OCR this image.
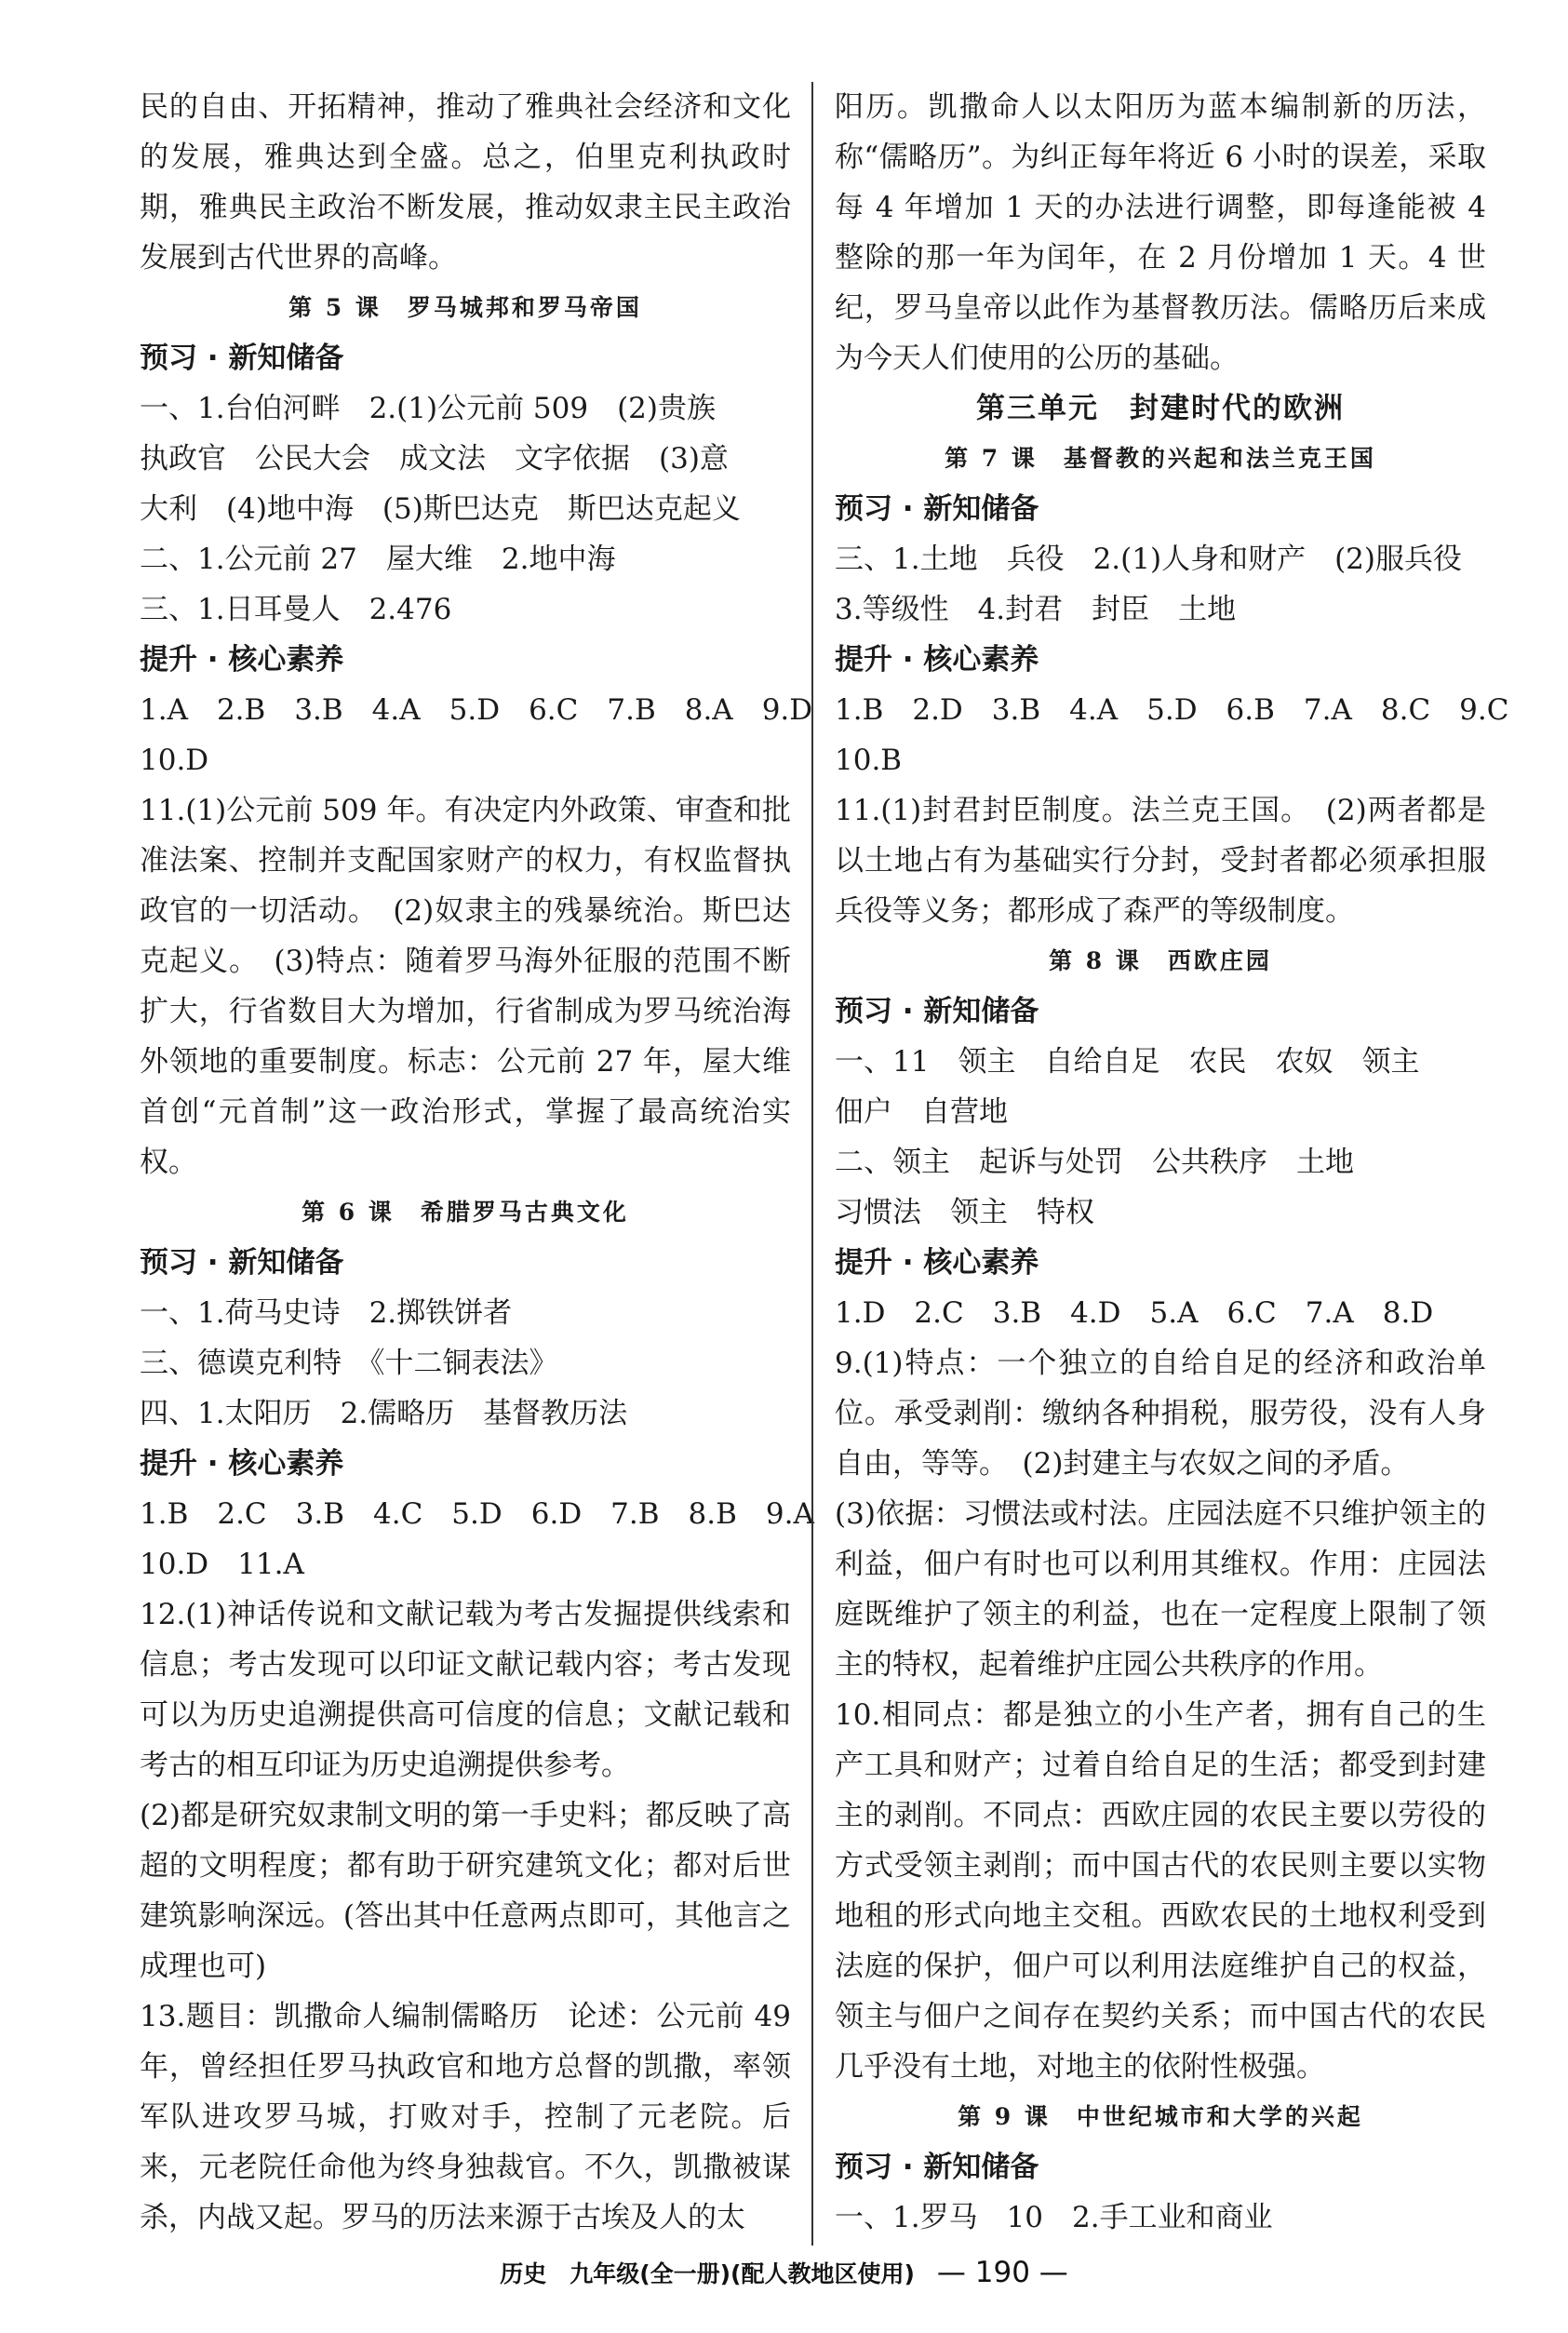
民的自由、开拓精神，推动了雅典社会经济和文化的发展，雅典达到全盛。总之，伯里克利执政时期，雅典民主政治不断发展，推动奴隶主民主政治发展到古代世界的高峰。

第 5 课　罗马城邦和罗马帝国

预习 · 新知储备

一、1.台伯河畔　2.(1)公元前 509　(2)贵族

执政官　公民大会　成文法　文字依据　(3)意

大利　(4)地中海　(5)斯巴达克　斯巴达克起义

二、1.公元前 27　屋大维　2.地中海

三、1.日耳曼人　2.476

提升 · 核心素养

1.A　2.B　3.B　4.A　5.D　6.C　7.B　8.A　9.D

10.D

11.(1)公元前 509 年。有决定内外政策、审查和批准法案、控制并支配国家财产的权力，有权监督执政官的一切活动。　(2)奴隶主的残暴统治。斯巴达克起义。　(3)特点：随着罗马海外征服的范围不断扩大，行省数目大为增加，行省制成为罗马统治海外领地的重要制度。标志：公元前 27 年，屋大维首创“元首制”这一政治形式，掌握了最高统治实权。

第 6 课　希腊罗马古典文化

预习 · 新知储备

一、1.荷马史诗　2.掷铁饼者

三、德谟克利特　《十二铜表法》

四、1.太阳历　2.儒略历　基督教历法

提升 · 核心素养

1.B　2.C　3.B　4.C　5.D　6.D　7.B　8.B　9.A

10.D　11.A

12.(1)神话传说和文献记载为考古发掘提供线索和信息；考古发现可以印证文献记载内容；考古发现可以为历史追溯提供高可信度的信息；文献记载和考古的相互印证为历史追溯提供参考。

(2)都是研究奴隶制文明的第一手史料；都反映了高超的文明程度；都有助于研究建筑文化；都对后世建筑影响深远。(答出其中任意两点即可，其他言之成理也可)

13.题目：凯撒命人编制儒略历　论述：公元前 49 年，曾经担任罗马执政官和地方总督的凯撒，率领军队进攻罗马城，打败对手，控制了元老院。后来，元老院任命他为终身独裁官。不久，凯撒被谋杀，内战又起。罗马的历法来源于古埃及人的太

阳历。凯撒命人以太阳历为蓝本编制新的历法，称“儒略历”。为纠正每年将近 6 小时的误差，采取每 4 年增加 1 天的办法进行调整，即每逢能被 4 整除的那一年为闰年，在 2 月份增加 1 天。4 世纪，罗马皇帝以此作为基督教历法。儒略历后来成为今天人们使用的公历的基础。

第三单元　封建时代的欧洲

第 7 课　基督教的兴起和法兰克王国

预习 · 新知储备

三、1.土地　兵役　2.(1)人身和财产　(2)服兵役

3.等级性　4.封君　封臣　土地

提升 · 核心素养

1.B　2.D　3.B　4.A　5.D　6.B　7.A　8.C　9.C

10.B

11.(1)封君封臣制度。法兰克王国。　(2)两者都是以土地占有为基础实行分封，受封者都必须承担服兵役等义务；都形成了森严的等级制度。

第 8 课　西欧庄园

预习 · 新知储备

一、11　领主　自给自足　农民　农奴　领主

佃户　自营地

二、领主　起诉与处罚　公共秩序　土地

习惯法　领主　特权

提升 · 核心素养

1.D　2.C　3.B　4.D　5.A　6.C　7.A　8.D

9.(1)特点：一个独立的自给自足的经济和政治单位。承受剥削：缴纳各种捐税，服劳役，没有人身自由，等等。　(2)封建主与农奴之间的矛盾。

(3)依据：习惯法或村法。庄园法庭不只维护领主的利益，佃户有时也可以利用其维权。作用：庄园法庭既维护了领主的利益，也在一定程度上限制了领主的特权，起着维护庄园公共秩序的作用。

10.相同点：都是独立的小生产者，拥有自己的生产工具和财产；过着自给自足的生活；都受到封建主的剥削。不同点：西欧庄园的农民主要以劳役的方式受领主剥削；而中国古代的农民则主要以实物地租的形式向地主交租。西欧农民的土地权利受到法庭的保护，佃户可以利用法庭维护自己的权益，领主与佃户之间存在契约关系；而中国古代的农民几乎没有土地，对地主的依附性极强。

第 9 课　中世纪城市和大学的兴起

预习 · 新知储备

一、1.罗马　10　2.手工业和商业

历史　九年级(全一册)(配人教地区使用) — 190 —
